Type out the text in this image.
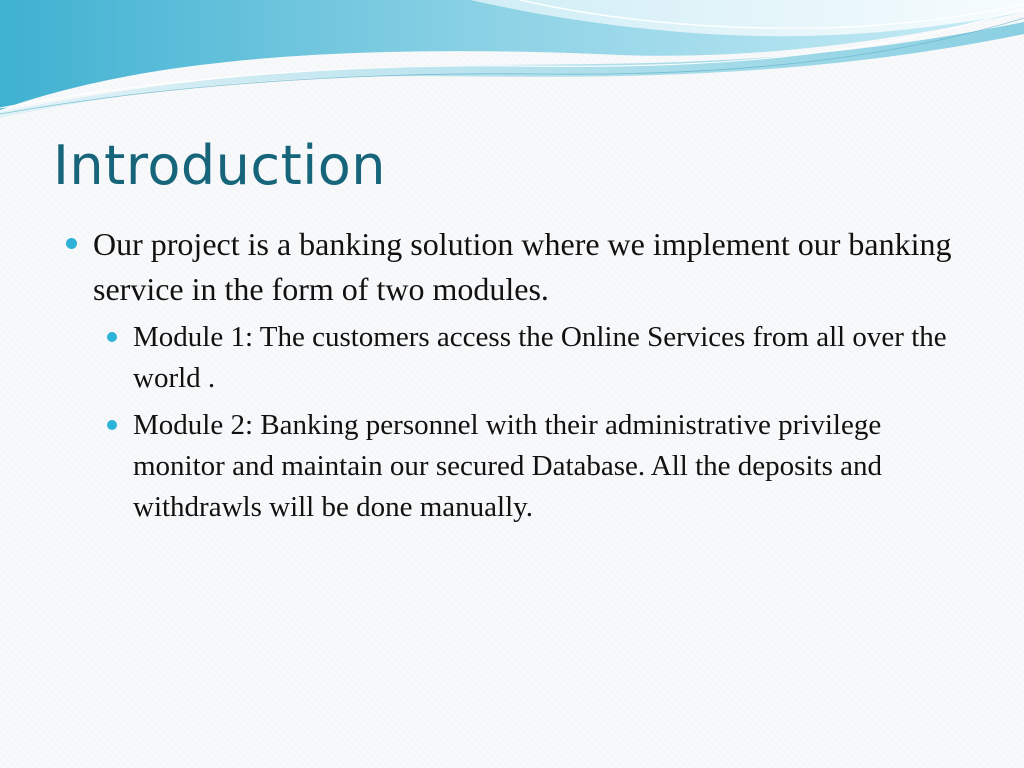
Introduction
Our project is a banking solution where we implement our banking service in the form of two modules.
Module 1: The customers access the Online Services from all over the world .
Module 2: Banking personnel with their administrative privilege monitor and maintain our secured Database. All the deposits and withdrawls will be done manually.
